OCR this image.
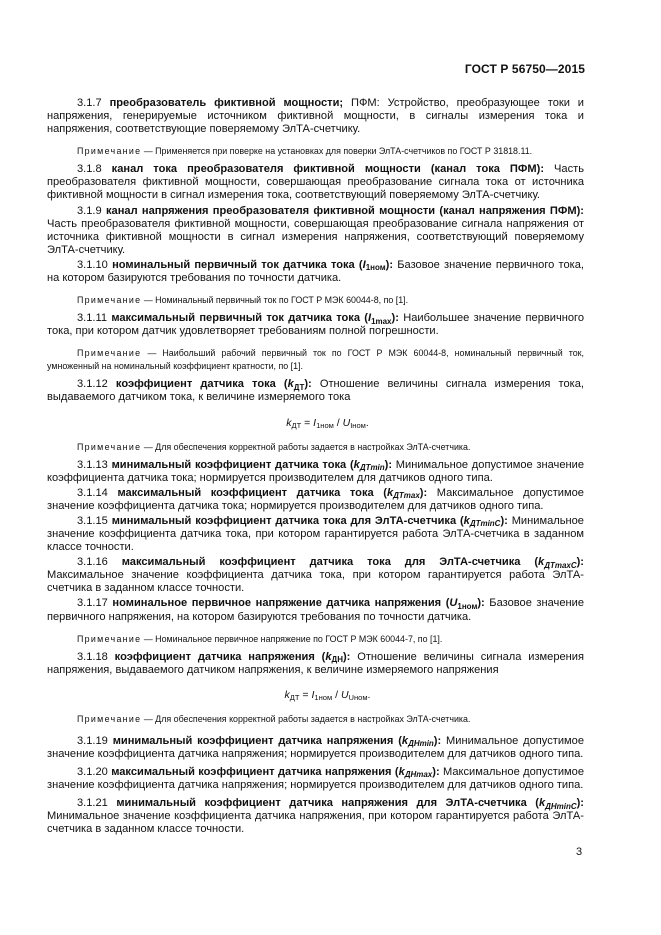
ГОСТ Р 56750—2015
3.1.7 преобразователь фиктивной мощности; ПФМ: Устройство, преобразующее токи и напряжения, генерируемые источником фиктивной мощности, в сигналы измерения тока и напряжения, соответствующие поверяемому ЭлТА-счетчику.
Примечание — Применяется при поверке на установках для поверки ЭлТА-счетчиков по ГОСТ Р 31818.11.
3.1.8 канал тока преобразователя фиктивной мощности (канал тока ПФМ): Часть преобразователя фиктивной мощности, совершающая преобразование сигнала тока от источника фиктивной мощности в сигнал измерения тока, соответствующий поверяемому ЭлТА-счетчику.
3.1.9 канал напряжения преобразователя фиктивной мощности (канал напряжения ПФМ): Часть преобразователя фиктивной мощности, совершающая преобразование сигнала напряжения от источника фиктивной мощности в сигнал измерения напряжения, соответствующий поверяемому ЭлТА-счетчику.
3.1.10 номинальный первичный ток датчика тока $(I_{1ном})$: Базовое значение первичного тока, на котором базируются требования по точности датчика.
Примечание — Номинальный первичный ток по ГОСТ Р МЭК 60044-8, по [1].
3.1.11 максимальный первичный ток датчика тока $(I_{1max})$: Наибольшее значение первичного тока, при котором датчик удовлетворяет требованиям полной погрешности.
Примечание — Наибольший рабочий первичный ток по ГОСТ Р МЭК 60044-8, номинальный первичный ток, умноженный на номинальный коэффициент кратности, по [1].
3.1.12 коэффициент датчика тока $(k_{ДТ})$: Отношение величины сигнала измерения тока, выдаваемого датчиком тока, к величине измеряемого тока
$k_{ДТ} = I_{1ном} / U_{Iном}$.
Примечание — Для обеспечения корректной работы задается в настройках ЭлТА-счетчика.
3.1.13 минимальный коэффициент датчика тока $(k_{ДТmin})$: Минимальное допустимое значение коэффициента датчика тока; нормируется производителем для датчиков одного типа.
3.1.14 максимальный коэффициент датчика тока $(k_{ДТmax})$: Максимальное допустимое значение коэффициента датчика тока; нормируется производителем для датчиков одного типа.
3.1.15 минимальный коэффициент датчика тока для ЭлТА-счетчика $(k_{ДТminС})$: Минимальное значение коэффициента датчика тока, при котором гарантируется работа ЭлТА-счетчика в заданном классе точности.
3.1.16 максимальный коэффициент датчика тока для ЭлТА-счетчика $(k_{ДТmaxС})$: Максимальное значение коэффициента датчика тока, при котором гарантируется работа ЭлТА-счетчика в заданном классе точности.
3.1.17 номинальное первичное напряжение датчика напряжения $(U_{1ном})$: Базовое значение первичного напряжения, на котором базируются требования по точности датчика.
Примечание — Номинальное первичное напряжение по ГОСТ Р МЭК 60044-7, по [1].
3.1.18 коэффициент датчика напряжения $(k_{ДН})$: Отношение величины сигнала измерения напряжения, выдаваемого датчиком напряжения, к величине измеряемого напряжения
$k_{ДТ} = I_{1ном} / U_{Uном}$.
Примечание — Для обеспечения корректной работы задается в настройках ЭлТА-счетчика.
3.1.19 минимальный коэффициент датчика напряжения $(k_{ДНmin})$: Минимальное допустимое значение коэффициента датчика напряжения; нормируется производителем для датчиков одного типа.
3.1.20 максимальный коэффициент датчика напряжения $(k_{ДНmax})$: Максимальное допустимое значение коэффициента датчика напряжения; нормируется производителем для датчиков одного типа.
3.1.21 минимальный коэффициент датчика напряжения для ЭлТА-счетчика $(k_{ДНminС})$: Минимальное значение коэффициента датчика напряжения, при котором гарантируется работа ЭлТА-счетчика в заданном классе точности.
3
